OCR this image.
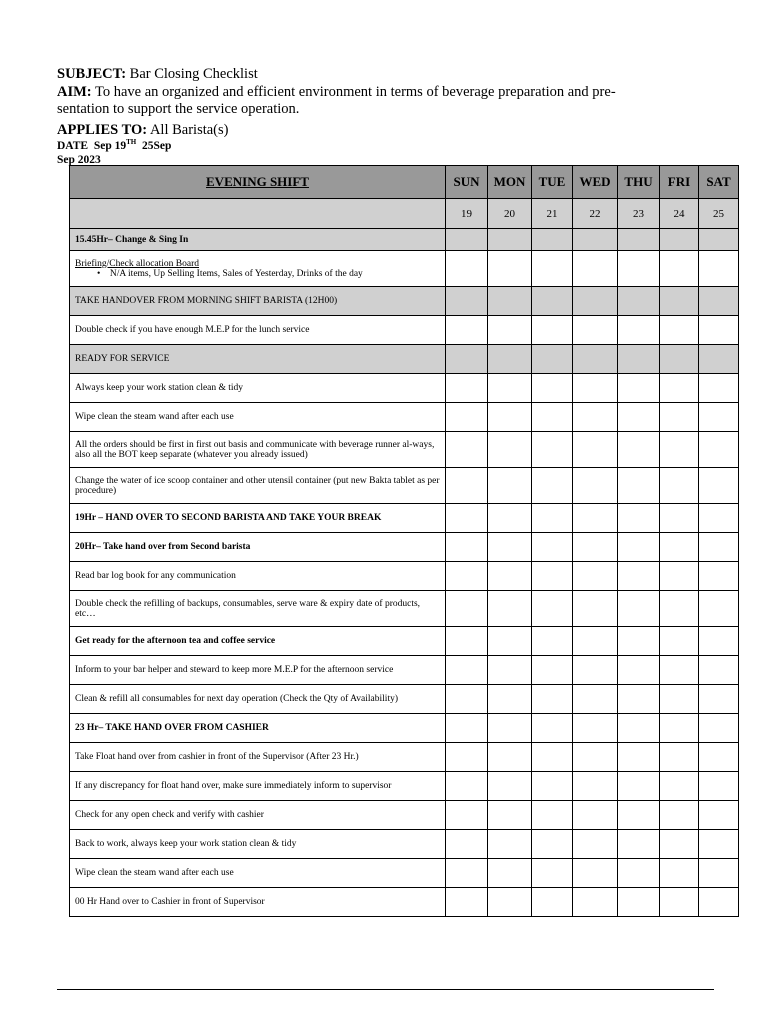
SUBJECT: Bar Closing Checklist
AIM: To have an organized and efficient environment in terms of beverage preparation and pre-sentation to support the service operation.
APPLIES TO: All Barista(s)
DATE Sep 19TH 25Sep
Sep 2023
EVENING SHIFT	SUN	MON	TUE	WED	THU	FRI	SAT
	19	20	21	22	23	24	25
15.45Hr– Change & Sing In							

Briefing/Check allocation Board
•    N/A items, Up Selling Items, Sales of Yesterday, Drinks of the day							

TAKE HANDOVER FROM MORNING SHIFT BARISTA (12H00)							
Double check if you have enough M.E.P for the lunch service							
READY FOR SERVICE							
Always keep your work station clean & tidy							
Wipe clean the steam wand after each use							
All the orders should be first in first out basis and communicate with beverage runner al-ways, also all the BOT keep separate (whatever you already issued)							
Change the water of ice scoop container and other utensil container (put new Bakta tablet as per procedure)							
19Hr – HAND OVER TO SECOND BARISTA AND TAKE YOUR BREAK							
20Hr– Take hand over from Second barista							
Read bar log book for any communication							
Double check the refilling of backups, consumables, serve ware & expiry date of products, etc…							
Get ready for the afternoon tea and coffee service							
Inform to your bar helper and steward to keep more M.E.P for the afternoon service							
Clean & refill all consumables for next day operation (Check the Qty of Availability)							
23 Hr– TAKE HAND OVER FROM CASHIER							
Take Float hand over from cashier in front of the Supervisor (After 23 Hr.)							
If any discrepancy for float hand over, make sure immediately inform to supervisor							
Check for any open check and verify with cashier							
Back to work, always keep your work station clean & tidy							
Wipe clean the steam wand after each use							
00 Hr Hand over to Cashier in front of Supervisor							
